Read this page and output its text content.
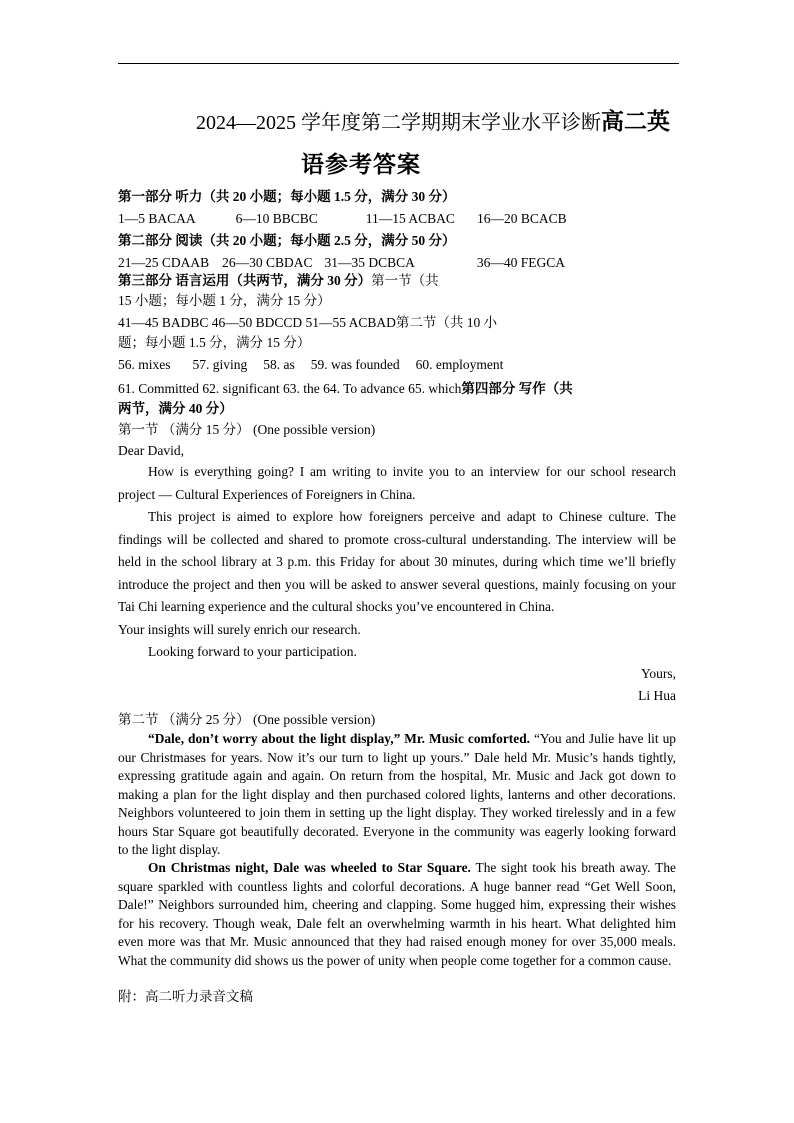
2024—2025 学年度第二学期期末学业水平诊断高二英
语参考答案
第一部分 听力（共 20 小题；每小题 1.5 分，满分 30 分）
1—5 BACAA	6—10 BBCBC	11—15 ACBAC 16—20 BCACB
第二部分 阅读（共 20 小题；每小题 2.5 分，满分 50 分）
21—25 CDAAB 26—30 CBDAC 31—35 DCBCA	36—40 FEGCA
第三部分 语言运用（共两节，满分 30 分）第一节（共
15 小题；每小题 1 分，满分 15 分）
41—45 BADBC 46—50 BDCCD 51—55 ACBAD第二节（共 10 小
题；每小题 1.5 分，满分 15 分）
56. mixes 57. giving 58. as 59. was founded 60. employment
61. Committed 62. significant 63. the 64. To advance 65. which第四部分 写作（共
两节，满分 40 分）
第一节 （满分 15 分） (One possible version)
Dear David,
How is everything going? I am writing to invite you to an interview for our school research project — Cultural Experiences of Foreigners in China.
This project is aimed to explore how foreigners perceive and adapt to Chinese culture. The findings will be collected and shared to promote cross-cultural understanding. The interview will be held in the school library at 3 p.m. this Friday for about 30 minutes, during which time we’ll briefly introduce the project and then you will be asked to answer several questions, mainly focusing on your Tai Chi learning experience and the cultural shocks you’ve encountered in China.
Your insights will surely enrich our research.
Looking forward to your participation.
Yours,
Li Hua
第二节 （满分 25 分） (One possible version)
“Dale, don’t worry about the light display,” Mr. Music comforted. “You and Julie have lit up our Christmases for years. Now it’s our turn to light up yours.” Dale held Mr. Music’s hands tightly, expressing gratitude again and again. On return from the hospital, Mr. Music and Jack got down to making a plan for the light display and then purchased colored lights, lanterns and other decorations. Neighbors volunteered to join them in setting up the light display. They worked tirelessly and in a few hours Star Square got beautifully decorated. Everyone in the community was eagerly looking forward to the light display.
On Christmas night, Dale was wheeled to Star Square. The sight took his breath away. The square sparkled with countless lights and colorful decorations. A huge banner read “Get Well Soon, Dale!” Neighbors surrounded him, cheering and clapping. Some hugged him, expressing their wishes for his recovery. Though weak, Dale felt an overwhelming warmth in his heart. What delighted him even more was that Mr. Music announced that they had raised enough money for over 35,000 meals. What the community did shows us the power of unity when people come together for a common cause.
附：高二听力录音文稿
